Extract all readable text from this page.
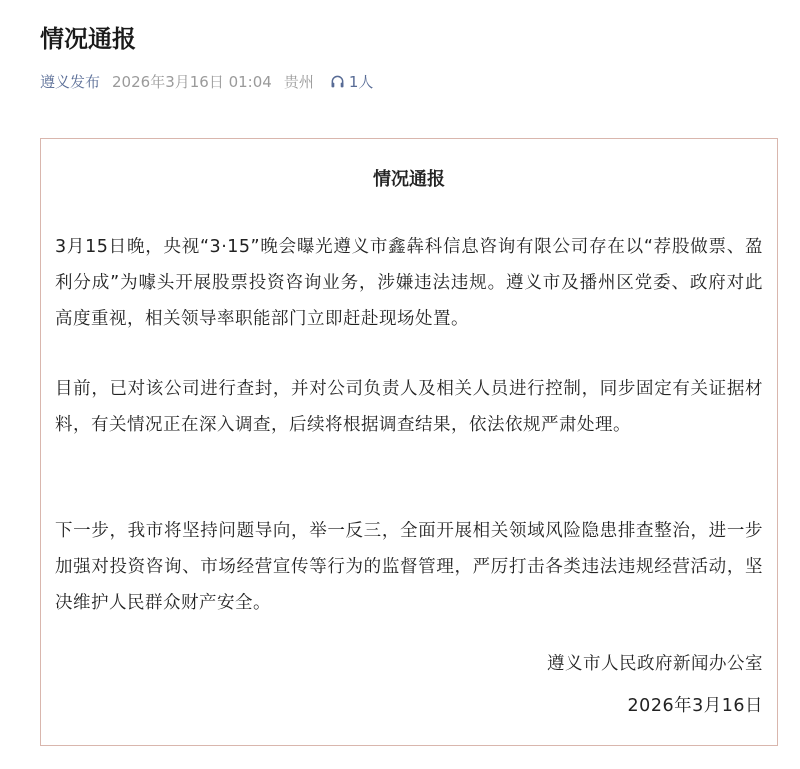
情况通报
遵义发布 2026年3月16日 01:04 贵州 1人
情况通报

3月15日晚，央视“3·15”晚会曝光遵义市鑫犇科信息咨询有限公司存在以“荐股做票、盈利分成”为噱头开展股票投资咨询业务，涉嫌违法违规。遵义市及播州区党委、政府对此高度重视，相关领导率职能部门立即赶赴现场处置。

目前，已对该公司进行查封，并对公司负责人及相关人员进行控制，同步固定有关证据材料，有关情况正在深入调查，后续将根据调查结果，依法依规严肃处理。

下一步，我市将坚持问题导向，举一反三，全面开展相关领域风险隐患排查整治，进一步加强对投资咨询、市场经营宣传等行为的监督管理，严厉打击各类违法违规经营活动，坚决维护人民群众财产安全。

遵义市人民政府新闻办公室
2026年3月16日
